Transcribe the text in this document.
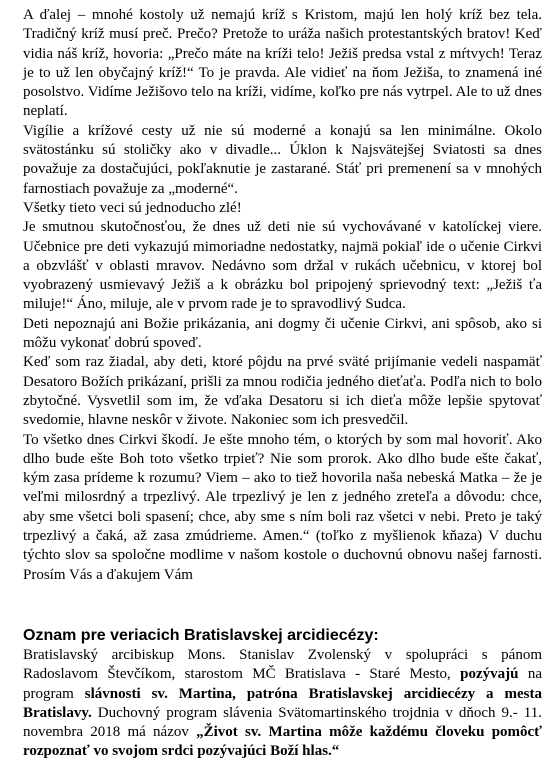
A ďalej – mnohé kostoly už nemajú kríž s Kristom, majú len holý kríž bez tela. Tradičný kríž musí preč. Prečo? Pretože to uráža našich protestantských bratov! Keď vidia náš kríž, hovoria: „Prečo máte na kríži telo! Ježiš predsa vstal z mŕtvych! Teraz je to už len obyčajný kríž!“ To je pravda. Ale vidieť na ňom Ježiša, to znamená iné posolstvo. Vidíme Ježišovo telo na kríži, vidíme, koľko pre nás vytrpel. Ale to už dnes neplatí.

Vigílie a krížové cesty už nie sú moderné a konajú sa len minimálne. Okolo svätostánku sú stoličky ako v divadle... Úklon k Najsvätejšej Sviatosti sa dnes považuje za dostačujúci, pokľaknutie je zastarané. Stáť pri premenení sa v mnohých farnostiach považuje za „moderné“.

Všetky tieto veci sú jednoducho zlé!

Je smutnou skutočnosťou, že dnes už deti nie sú vychovávané v katolíckej viere. Učebnice pre deti vykazujú mimoriadne nedostatky, najmä pokiaľ ide o učenie Cirkvi a obzvlášť v oblasti mravov. Nedávno som držal v rukách učebnicu, v ktorej bol vyobrazený usmievavý Ježiš a k obrázku bol pripojený sprievodný text: „Ježiš ťa miluje!“ Áno, miluje, ale v prvom rade je to spravodlivý Sudca.

Deti nepoznajú ani Božie prikázania, ani dogmy či učenie Cirkvi, ani spôsob, ako si môžu vykonať dobrú spoveď.

Keď som raz žiadal, aby deti, ktoré pôjdu na prvé sväté prijímanie vedeli naspamäť Desatoro Božích prikázaní, prišli za mnou rodičia jedného dieťaťa. Podľa nich to bolo zbytočné. Vysvetlil som im, že vďaka Desatoru si ich dieťa môže lepšie spytovať svedomie, hlavne neskôr v živote. Nakoniec som ich presvedčil.

To všetko dnes Cirkvi škodí. Je ešte mnoho tém, o ktorých by som mal hovoriť. Ako dlho bude ešte Boh toto všetko trpieť? Nie som prorok. Ako dlho bude ešte čakať, kým zasa prídeme k rozumu? Viem – ako to tiež hovorila naša nebeská Matka – že je veľmi milosrdný a trpezlivý. Ale trpezlivý je len z jedného zreteľa a dôvodu: chce, aby sme všetci boli spasení; chce, aby sme s ním boli raz všetci v nebi. Preto je taký trpezlivý a čaká, až zasa zmúdrieme. Amen.“ (toľko z myšlienok kňaza) V duchu týchto slov sa spoločne modlime v našom kostole o duchovnú obnovu našej farnosti. Prosím Vás a ďakujem Vám

Oznam pre veriacich Bratislavskej arcidiecézy:

Bratislavský arcibiskup Mons. Stanislav Zvolenský v spolupráci s pánom Radoslavom Števčíkom, starostom MČ Bratislava - Staré Mesto, pozývajú na program slávnosti sv. Martina, patróna Bratislavskej arcidiecézy a mesta Bratislavy. Duchovný program slávenia Svätomartinského trojdnia v dňoch 9.- 11. novembra 2018 má názov „Život sv. Martina môže každému človeku pomôcť rozpoznať vo svojom srdci pozývajúci Boží hlas.“
